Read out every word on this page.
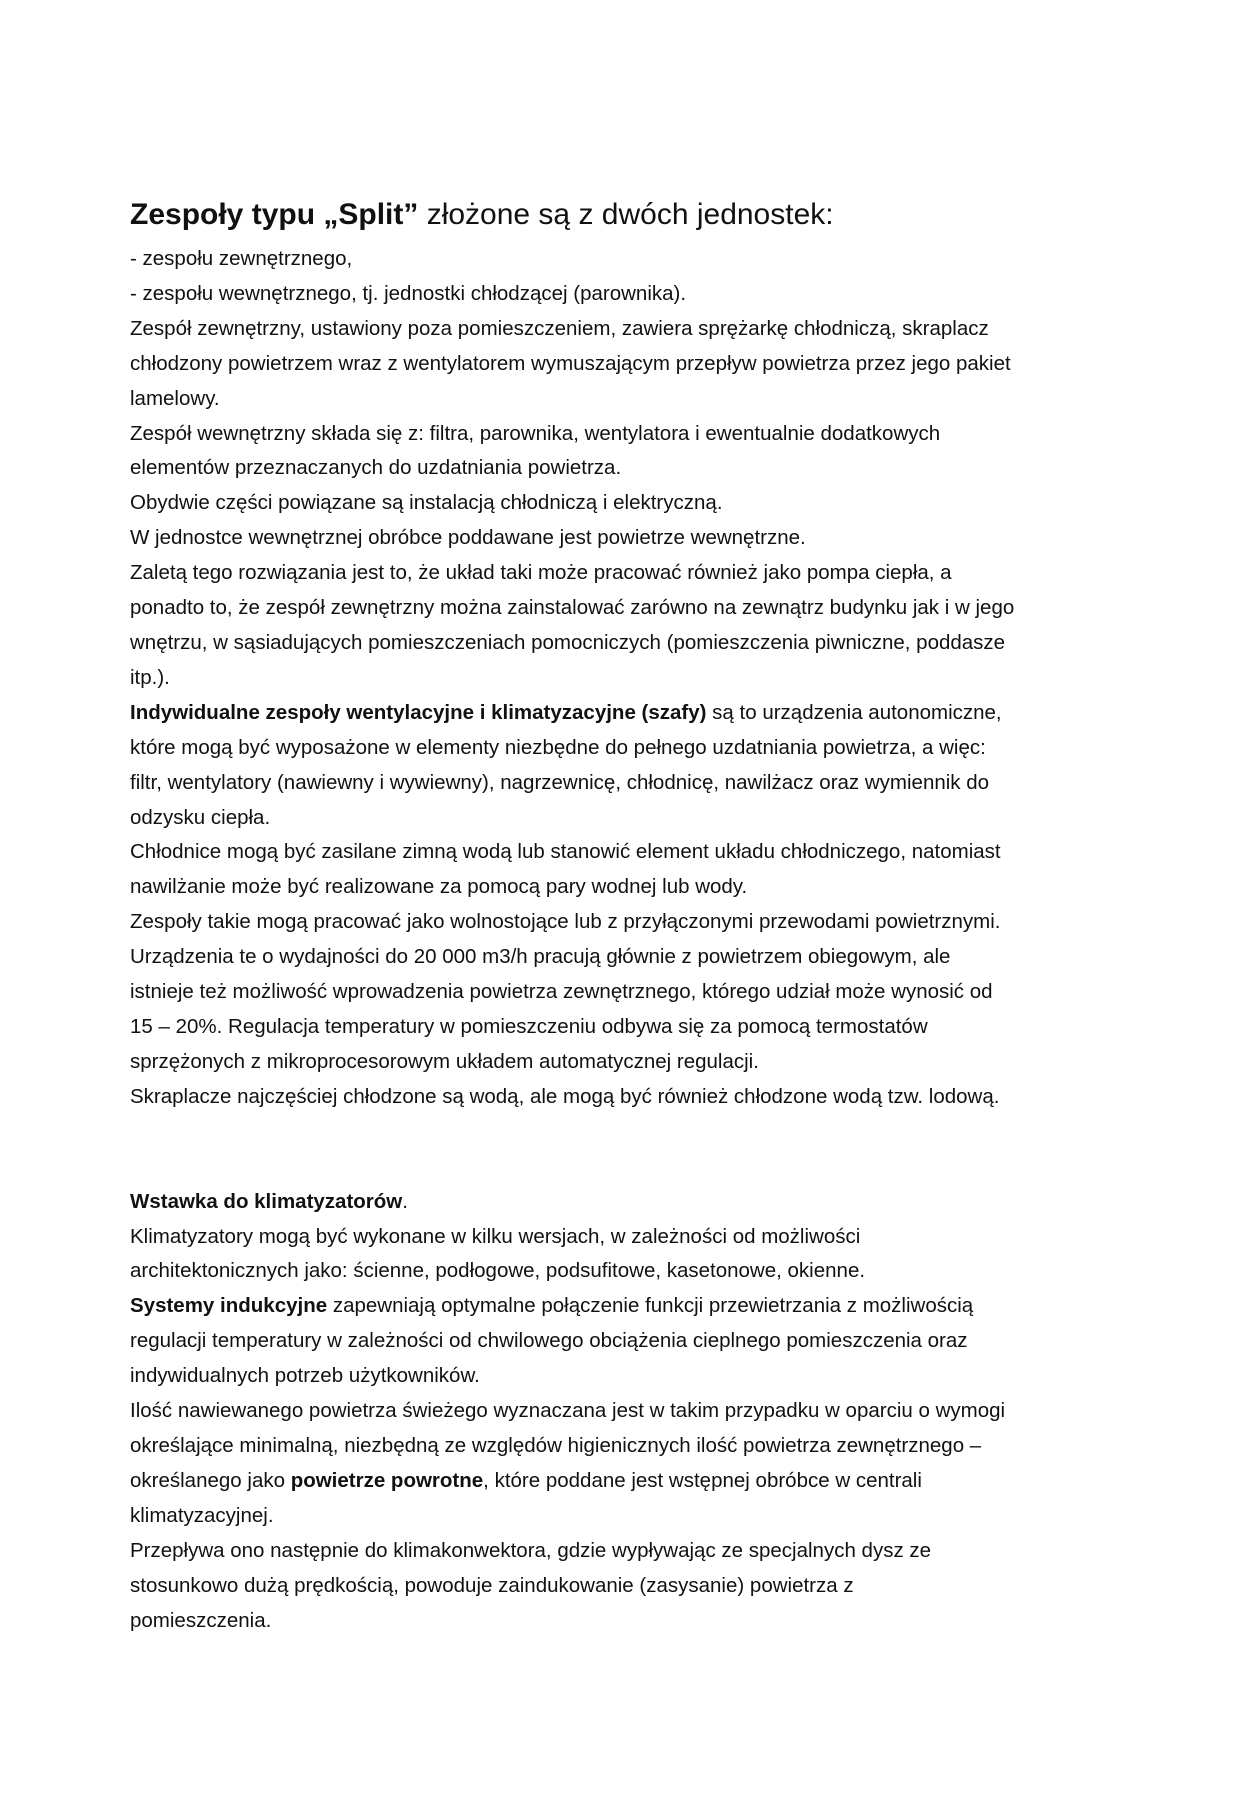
Zespoły typu „Split” złożone są z dwóch jednostek:

- zespołu zewnętrznego,

- zespołu wewnętrznego, tj. jednostki chłodzącej (parownika).

Zespół zewnętrzny, ustawiony poza pomieszczeniem, zawiera sprężarkę chłodniczą, skraplacz

chłodzony powietrzem wraz z wentylatorem wymuszającym przepływ powietrza przez jego pakiet

lamelowy.

Zespół wewnętrzny składa się z: filtra, parownika, wentylatora i ewentualnie dodatkowych

elementów przeznaczanych do uzdatniania powietrza.

Obydwie części powiązane są instalacją chłodniczą i elektryczną.

W jednostce wewnętrznej obróbce poddawane jest powietrze wewnętrzne.

Zaletą tego rozwiązania jest to, że układ taki może pracować również jako pompa ciepła, a

ponadto to, że zespół zewnętrzny można zainstalować zarówno na zewnątrz budynku jak i w jego

wnętrzu, w sąsiadujących pomieszczeniach pomocniczych (pomieszczenia piwniczne, poddasze

itp.).

Indywidualne zespoły wentylacyjne i klimatyzacyjne (szafy) są to urządzenia autonomiczne,

które mogą być wyposażone w elementy niezbędne do pełnego uzdatniania powietrza, a więc:

filtr, wentylatory (nawiewny i wywiewny), nagrzewnicę, chłodnicę, nawilżacz oraz wymiennik do

odzysku ciepła.

Chłodnice mogą być zasilane zimną wodą lub stanowić element układu chłodniczego, natomiast

nawilżanie może być realizowane za pomocą pary wodnej lub wody.

Zespoły takie mogą pracować jako wolnostojące lub z przyłączonymi przewodami powietrznymi.

Urządzenia te o wydajności do 20 000 m3/h pracują głównie z powietrzem obiegowym, ale

istnieje też możliwość wprowadzenia powietrza zewnętrznego, którego udział może wynosić od

15 – 20%. Regulacja temperatury w pomieszczeniu odbywa się za pomocą termostatów

sprzężonych z mikroprocesorowym układem automatycznej regulacji.

Skraplacze najczęściej chłodzone są wodą, ale mogą być również chłodzone wodą tzw. lodową.

Wstawka do klimatyzatorów.

Klimatyzatory mogą być wykonane w kilku wersjach, w zależności od możliwości

architektonicznych jako: ścienne, podłogowe, podsufitowe, kasetonowe, okienne.

Systemy indukcyjne zapewniają optymalne połączenie funkcji przewietrzania z możliwością

regulacji temperatury w zależności od chwilowego obciążenia cieplnego pomieszczenia oraz

indywidualnych potrzeb użytkowników.

Ilość nawiewanego powietrza świeżego wyznaczana jest w takim przypadku w oparciu o wymogi

określające minimalną, niezbędną ze względów higienicznych ilość powietrza zewnętrznego –

określanego jako powietrze powrotne, które poddane jest wstępnej obróbce w centrali

klimatyzacyjnej.

Przepływa ono następnie do klimakonwektora, gdzie wypływając ze specjalnych dysz ze

stosunkowo dużą prędkością, powoduje zaindukowanie (zasysanie) powietrza z

pomieszczenia.
